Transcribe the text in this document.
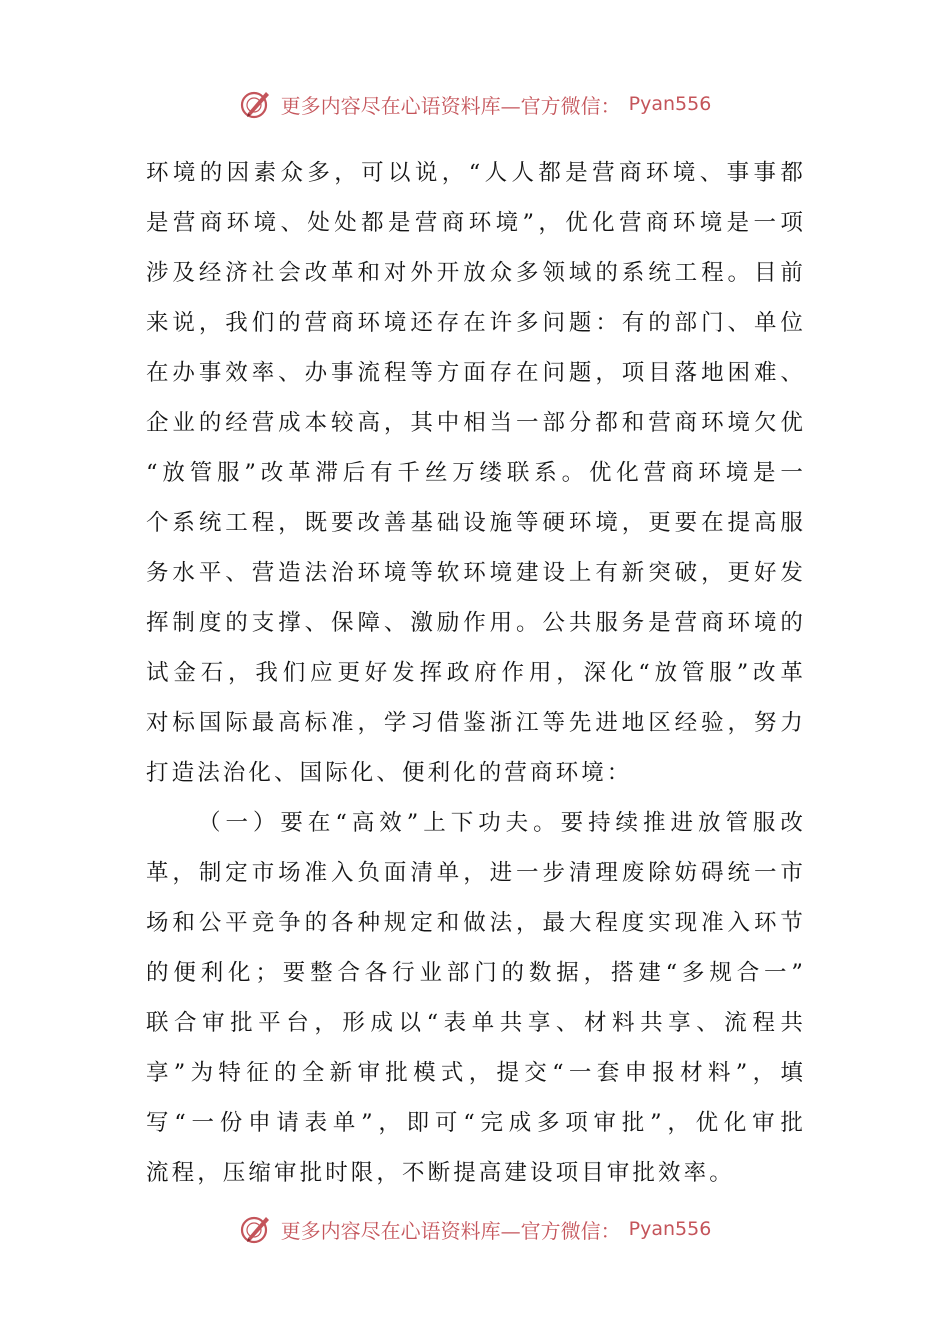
更多内容尽在心语资料库—官方微信： Pyan556
环境的因素众多，可以说，“人人都是营商环境、事事都
是营商环境、处处都是营商环境”，优化营商环境是一项
涉及经济社会改革和对外开放众多领域的系统工程。目前
来说，我们的营商环境还存在许多问题：有的部门、单位
在办事效率、办事流程等方面存在问题，项目落地困难、
企业的经营成本较高，其中相当一部分都和营商环境欠优
“放管服”改革滞后有千丝万缕联系。优化营商环境是一
个系统工程，既要改善基础设施等硬环境，更要在提高服
务水平、营造法治环境等软环境建设上有新突破，更好发
挥制度的支撑、保障、激励作用。公共服务是营商环境的
试金石，我们应更好发挥政府作用，深化“放管服”改革
对标国际最高标准，学习借鉴浙江等先进地区经验，努力
打造法治化、国际化、便利化的营商环境：
（一）要在“高效”上下功夫。要持续推进放管服改
革，制定市场准入负面清单，进一步清理废除妨碍统一市
场和公平竞争的各种规定和做法，最大程度实现准入环节
的便利化；要整合各行业部门的数据，搭建“多规合一”
联合审批平台，形成以“表单共享、材料共享、流程共
享”为特征的全新审批模式，提交“一套申报材料”，填
写“一份申请表单”，即可“完成多项审批”，优化审批
流程，压缩审批时限，不断提高建设项目审批效率。
更多内容尽在心语资料库—官方微信： Pyan556
